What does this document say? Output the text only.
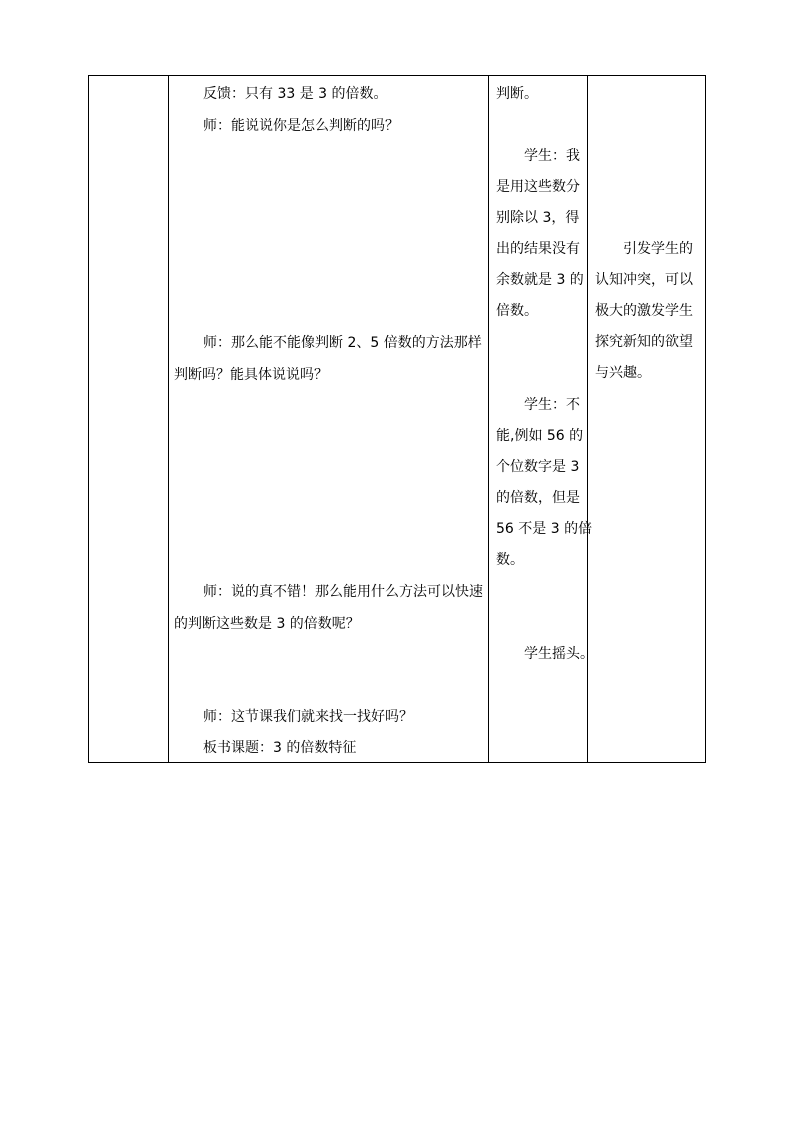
反馈：只有 33 是 3 的倍数。
师：能说说你是怎么判断的吗？
师：那么能不能像判断 2、5 倍数的方法那样
判断吗？能具体说说吗？
师：说的真不错！那么能用什么方法可以快速
的判断这些数是 3 的倍数呢？
师：这节课我们就来找一找好吗？
板书课题：3 的倍数特征
判断。
学生：我
是用这些数分
别除以 3，得
出的结果没有
余数就是 3 的
倍数。
学生：不
能,例如 56 的
个位数字是 3
的倍数，但是
56 不是 3 的倍
数。
学生摇头。
引发学生的
认知冲突，可以
极大的激发学生
探究新知的欲望
与兴趣。
